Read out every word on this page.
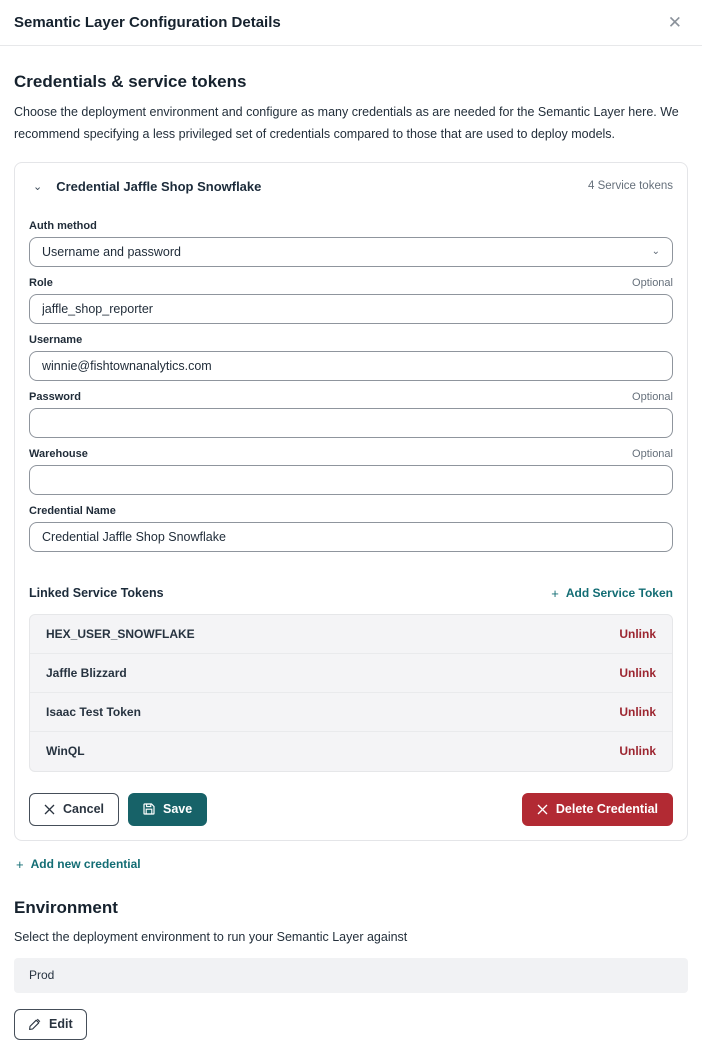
Semantic Layer Configuration Details	✕
Credentials & service tokens

Choose the deployment environment and configure as many credentials as are needed for the Semantic Layer here. We recommend specifying a less privileged set of credentials compared to those that are used to deploy models.

⌄ Credential Jaffle Shop Snowflake	4 Service tokens
Auth method
Username and password	⌄
Role	Optional
jaffle_shop_reporter
Username
winnie@fishtownanalytics.com
Password	Optional
Warehouse	Optional
Credential Name
Credential Jaffle Shop Snowflake
Linked Service Tokens	+ Add Service Token
HEX_USER_SNOWFLAKE	Unlink
Jaffle Blizzard	Unlink
Isaac Test Token	Unlink
WinQL	Unlink
Cancel	Save	Delete Credential
+ Add new credential
Environment

Select the deployment environment to run your Semantic Layer against

Prod
Edit
